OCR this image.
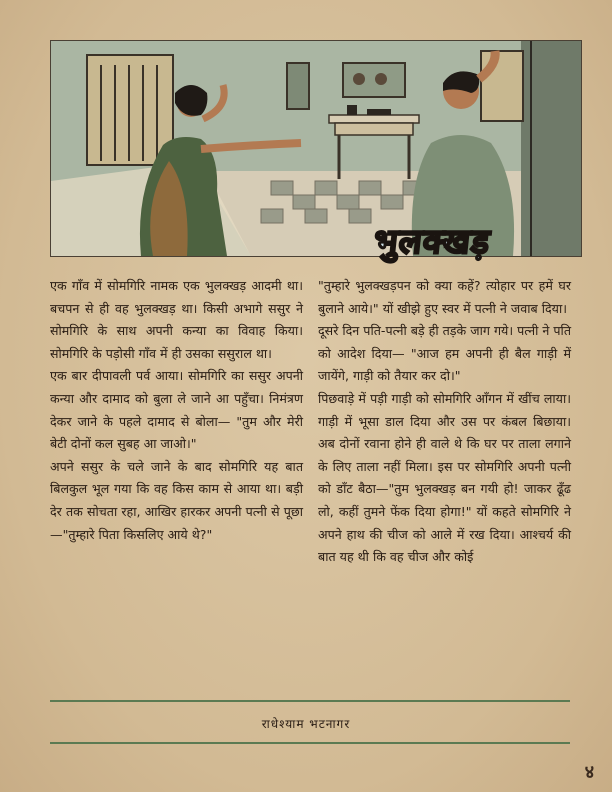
भुलक्खड़

एक गाँव में सोमगिरि नामक एक भुलक्खड़ आदमी था। बचपन से ही वह भुलक्खड़ था। किसी अभागे ससुर ने सोमगिरि के साथ अपनी कन्या का विवाह किया। सोमगिरि के पड़ोसी गाँव में ही उसका ससुराल था।

एक बार दीपावली पर्व आया। सोमगिरि का ससुर अपनी कन्या और दामाद को बुला ले जाने आ पहुँचा। निमंत्रण देकर जाने के पहले दामाद से बोला— "तुम और मेरी बेटी दोनों कल सुबह आ जाओ।"

अपने ससुर के चले जाने के बाद सोमगिरि यह बात बिलकुल भूल गया कि वह किस काम से आया था। बड़ी देर तक सोचता रहा, आखिर हारकर अपनी पत्नी से पूछा—"तुम्हारे पिता किसलिए आये थे?"

"तुम्हारे भुलक्खड़पन को क्या कहें? त्योहार पर हमें घर बुलाने आये।" यों खीझे हुए स्वर में पत्नी ने जवाब दिया।

दूसरे दिन पति-पत्नी बड़े ही तड़के जाग गये। पत्नी ने पति को आदेश दिया— "आज हम अपनी ही बैल गाड़ी में जायेंगे, गाड़ी को तैयार कर दो।"

पिछवाड़े में पड़ी गाड़ी को सोमगिरि आँगन में खींच लाया। गाड़ी में भूसा डाल दिया और उस पर कंबल बिछाया। अब दोनों रवाना होने ही वाले थे कि घर पर ताला लगाने के लिए ताला नहीं मिला। इस पर सोमगिरि अपनी पत्नी को डाँट बैठा—"तुम भुलक्खड़ बन गयी हो! जाकर ढूँढ लो, कहीं तुमने फेंक दिया होगा!" यों कहते सोमगिरि ने अपने हाथ की चीज को आले में रख दिया। आश्चर्य की बात यह थी कि वह चीज और कोई

राधेश्याम भटनागर
४
